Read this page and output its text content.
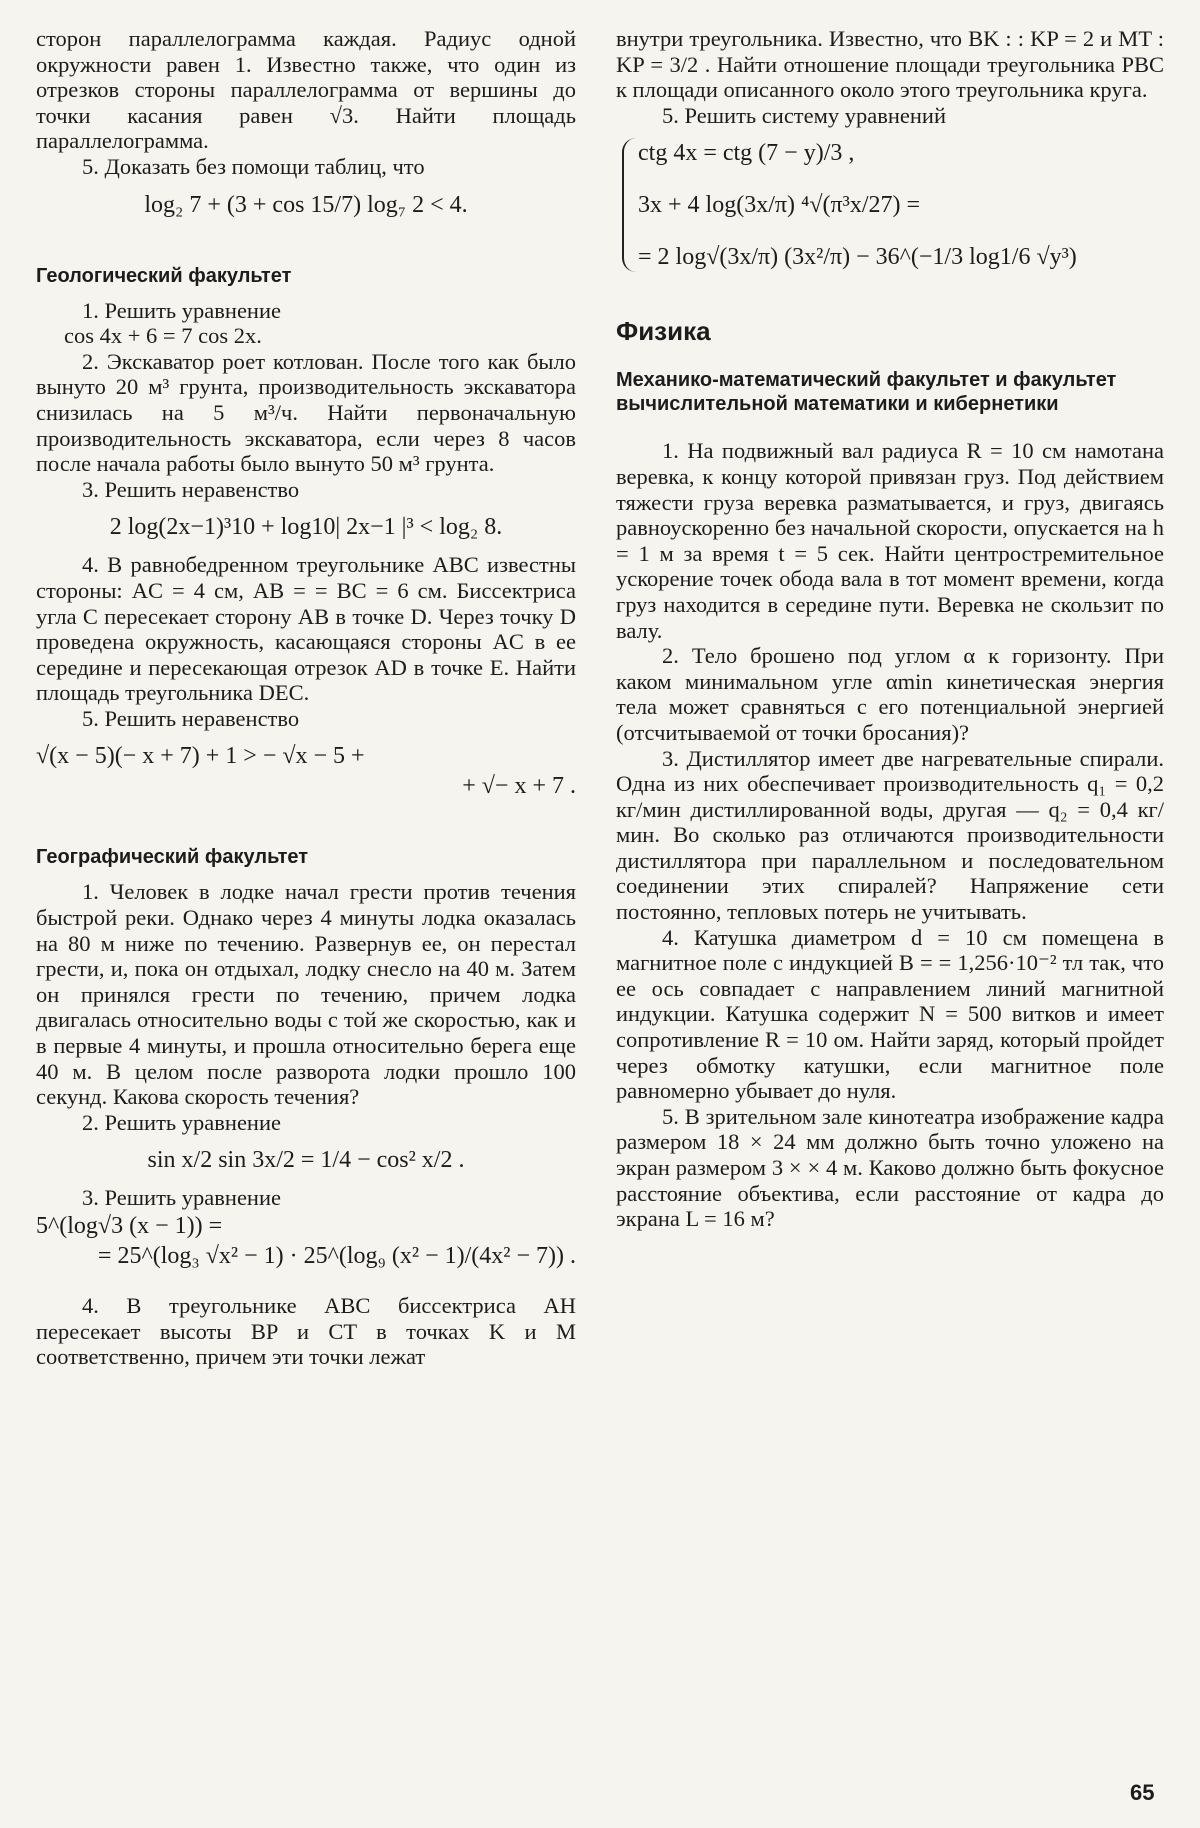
сторон параллелограмма каждая. Радиус одной окружности равен 1. Известно также, что один из отрезков стороны параллелограмма от вершины до точки касания равен √3. Найти площадь параллелограмма.

5. Доказать без помощи таблиц, что

log₂ 7 + (3 + cos 15/7) log₇ 2 < 4.

Геологический факультет

1. Решить уравнение

cos 4x + 6 = 7 cos 2x.

2. Экскаватор роет котлован. После того как было вынуто 20 м³ грунта, производительность экскаватора снизилась на 5 м³/ч. Найти первоначальную производительность экскаватора, если через 8 часов после начала работы было вынуто 50 м³ грунта.

3. Решить неравенство

2 log(2x−1)³10 + log10| 2x−1 |³ < log₂ 8.

4. В равнобедренном треугольнике ABC известны стороны: AC = 4 см, AB = = BC = 6 см. Биссектриса угла C пересекает сторону AB в точке D. Через точку D проведена окружность, касающаяся стороны AC в ее середине и пересекающая отрезок AD в точке E. Найти площадь треугольника DEC.

5. Решить неравенство

√(x − 5)(− x + 7) + 1 > − √x − 5 +

+ √− x + 7 .

Географический факультет

1. Человек в лодке начал грести против течения быстрой реки. Однако через 4 минуты лодка оказалась на 80 м ниже по течению. Развернув ее, он перестал грести, и, пока он отдыхал, лодку снесло на 40 м. Затем он принялся грести по течению, причем лодка двигалась относительно воды с той же скоростью, как и в первые 4 минуты, и прошла относительно берега еще 40 м. В целом после разворота лодки прошло 100 секунд. Какова скорость течения?

2. Решить уравнение

sin x/2 sin 3x/2 = 1/4 − cos² x/2 .

3. Решить уравнение

5^(log√3 (x − 1)) =

= 25^(log₃ √x² − 1) · 25^(log₉ (x² − 1)/(4x² − 7)) .

4. В треугольнике ABC биссектриса AH пересекает высоты BP и CT в точках K и M соответственно, причем эти точки лежат

внутри треугольника. Известно, что BK : : KP = 2 и MT : KP = 3/2 . Найти отношение площади треугольника PBC к площади описанного около этого треугольника круга.

5. Решить систему уравнений

ctg 4x = ctg (7 − y)/3 ,

3x + 4 log(3x/π) ⁴√(π³x/27) =

= 2 log√(3x/π) (3x²/π) − 36^(−1/3 log1/6 √y³)

Физика

Механико-математический факультет и факультет вычислительной математики и кибернетики

1. На подвижный вал радиуса R = 10 см намотана веревка, к концу которой привязан груз. Под действием тяжести груза веревка разматывается, и груз, двигаясь равноускоренно без начальной скорости, опускается на h = 1 м за время t = 5 сек. Найти центростремительное ускорение точек обода вала в тот момент времени, когда груз находится в середине пути. Веревка не скользит по валу.

2. Тело брошено под углом α к горизонту. При каком минимальном угле αmin кинетическая энергия тела может сравняться с его потенциальной энергией (отсчитываемой от точки бросания)?

3. Дистиллятор имеет две нагревательные спирали. Одна из них обеспечивает производительность q₁ = 0,2 кг/мин дистиллированной воды, другая — q₂ = 0,4 кг/мин. Во сколько раз отличаются производительности дистиллятора при параллельном и последовательном соединении этих спиралей? Напряжение сети постоянно, тепловых потерь не учитывать.

4. Катушка диаметром d = 10 см помещена в магнитное поле с индукцией B = = 1,256·10⁻² тл так, что ее ось совпадает с направлением линий магнитной индукции. Катушка содержит N = 500 витков и имеет сопротивление R = 10 ом. Найти заряд, который пройдет через обмотку катушки, если магнитное поле равномерно убывает до нуля.

5. В зрительном зале кинотеатра изображение кадра размером 18 × 24 мм должно быть точно уложено на экран размером 3 × × 4 м. Каково должно быть фокусное расстояние объектива, если расстояние от кадра до экрана L = 16 м?

65
